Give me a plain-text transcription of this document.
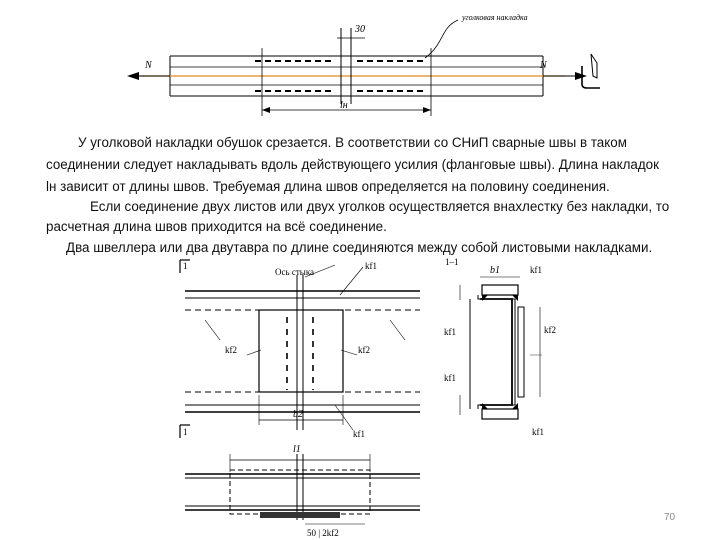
N	N
30
lн
уголковая накладка
У уголковой накладки обушок срезается. В соответствии со СНиП сварные швы в таком
соединении следует накладывать вдоль действующего усилия (фланговые швы). Длина накладок
lн зависит от длины швов. Требуемая длина швов определяется на половину соединения.
Если соединение двух листов или двух уголков осуществляется внахлестку без накладки, то
расчетная длина швов приходится на всё соединение.
Два швеллера или два двутавра по длине соединяются между собой листовыми накладками.
1
1
Ось стыка
kf1
kf2	kf2
kf1
b2
1–1
b1	kf1
kf1
kf1
kf1
kf2
l1
50 | 2kf2
70
